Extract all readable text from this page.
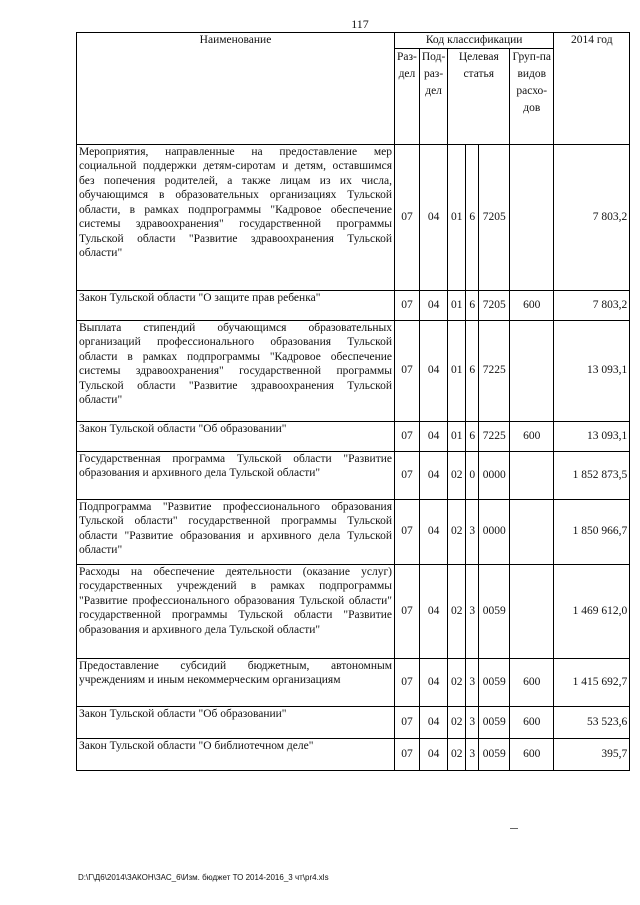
117
Наименование	Код классификации						2014 год
	Раз-дел	Под-раз-дел	Целевая статья			Груп-па видов расхо-дов	
Мероприятия, направленные на предоставление мер социальной поддержки детям-сиротам и детям, оставшимся без попечения родителей, а также лицам из их числа, обучающимся в образовательных организациях Тульской области, в рамках подпрограммы "Кадровое обеспечение системы здравоохранения" государственной программы Тульской области "Развитие здравоохранения Тульской области"	07	04	01	6	7205		7 803,2
Закон Тульской области "О защите прав ребенка"	07	04	01	6	7205	600	7 803,2
Выплата стипендий обучающимся образовательных организаций профессионального образования Тульской области в рамках подпрограммы "Кадровое обеспечение системы здравоохранения" государственной программы Тульской области "Развитие здравоохранения Тульской области"	07	04	01	6	7225		13 093,1
Закон Тульской области "Об образовании"	07	04	01	6	7225	600	13 093,1
Государственная программа Тульской области "Развитие образования и архивного дела Тульской области"	07	04	02	0	0000		1 852 873,5
Подпрограмма "Развитие профессионального образования Тульской области" государственной программы Тульской области "Развитие образования и архивного дела Тульской области"	07	04	02	3	0000		1 850 966,7
Расходы на обеспечение деятельности (оказание услуг) государственных учреждений в рамках подпрограммы "Развитие профессионального образования Тульской области" государственной программы Тульской области "Развитие образования и архивного дела Тульской области"	07	04	02	3	0059		1 469 612,0
Предоставление субсидий бюджетным, автономным учреждениям и иным некоммерческим организациям	07	04	02	3	0059	600	1 415 692,7
Закон Тульской области "Об образовании"	07	04	02	3	0059	600	53 523,6
Закон Тульской области "О библиотечном деле"	07	04	02	3	0059	600	395,7
D:\Г\Д6\2014\ЗАКОН\ЗАС_6\Изм. бюджет ТО 2014-2016_3 чт\pr4.xls
